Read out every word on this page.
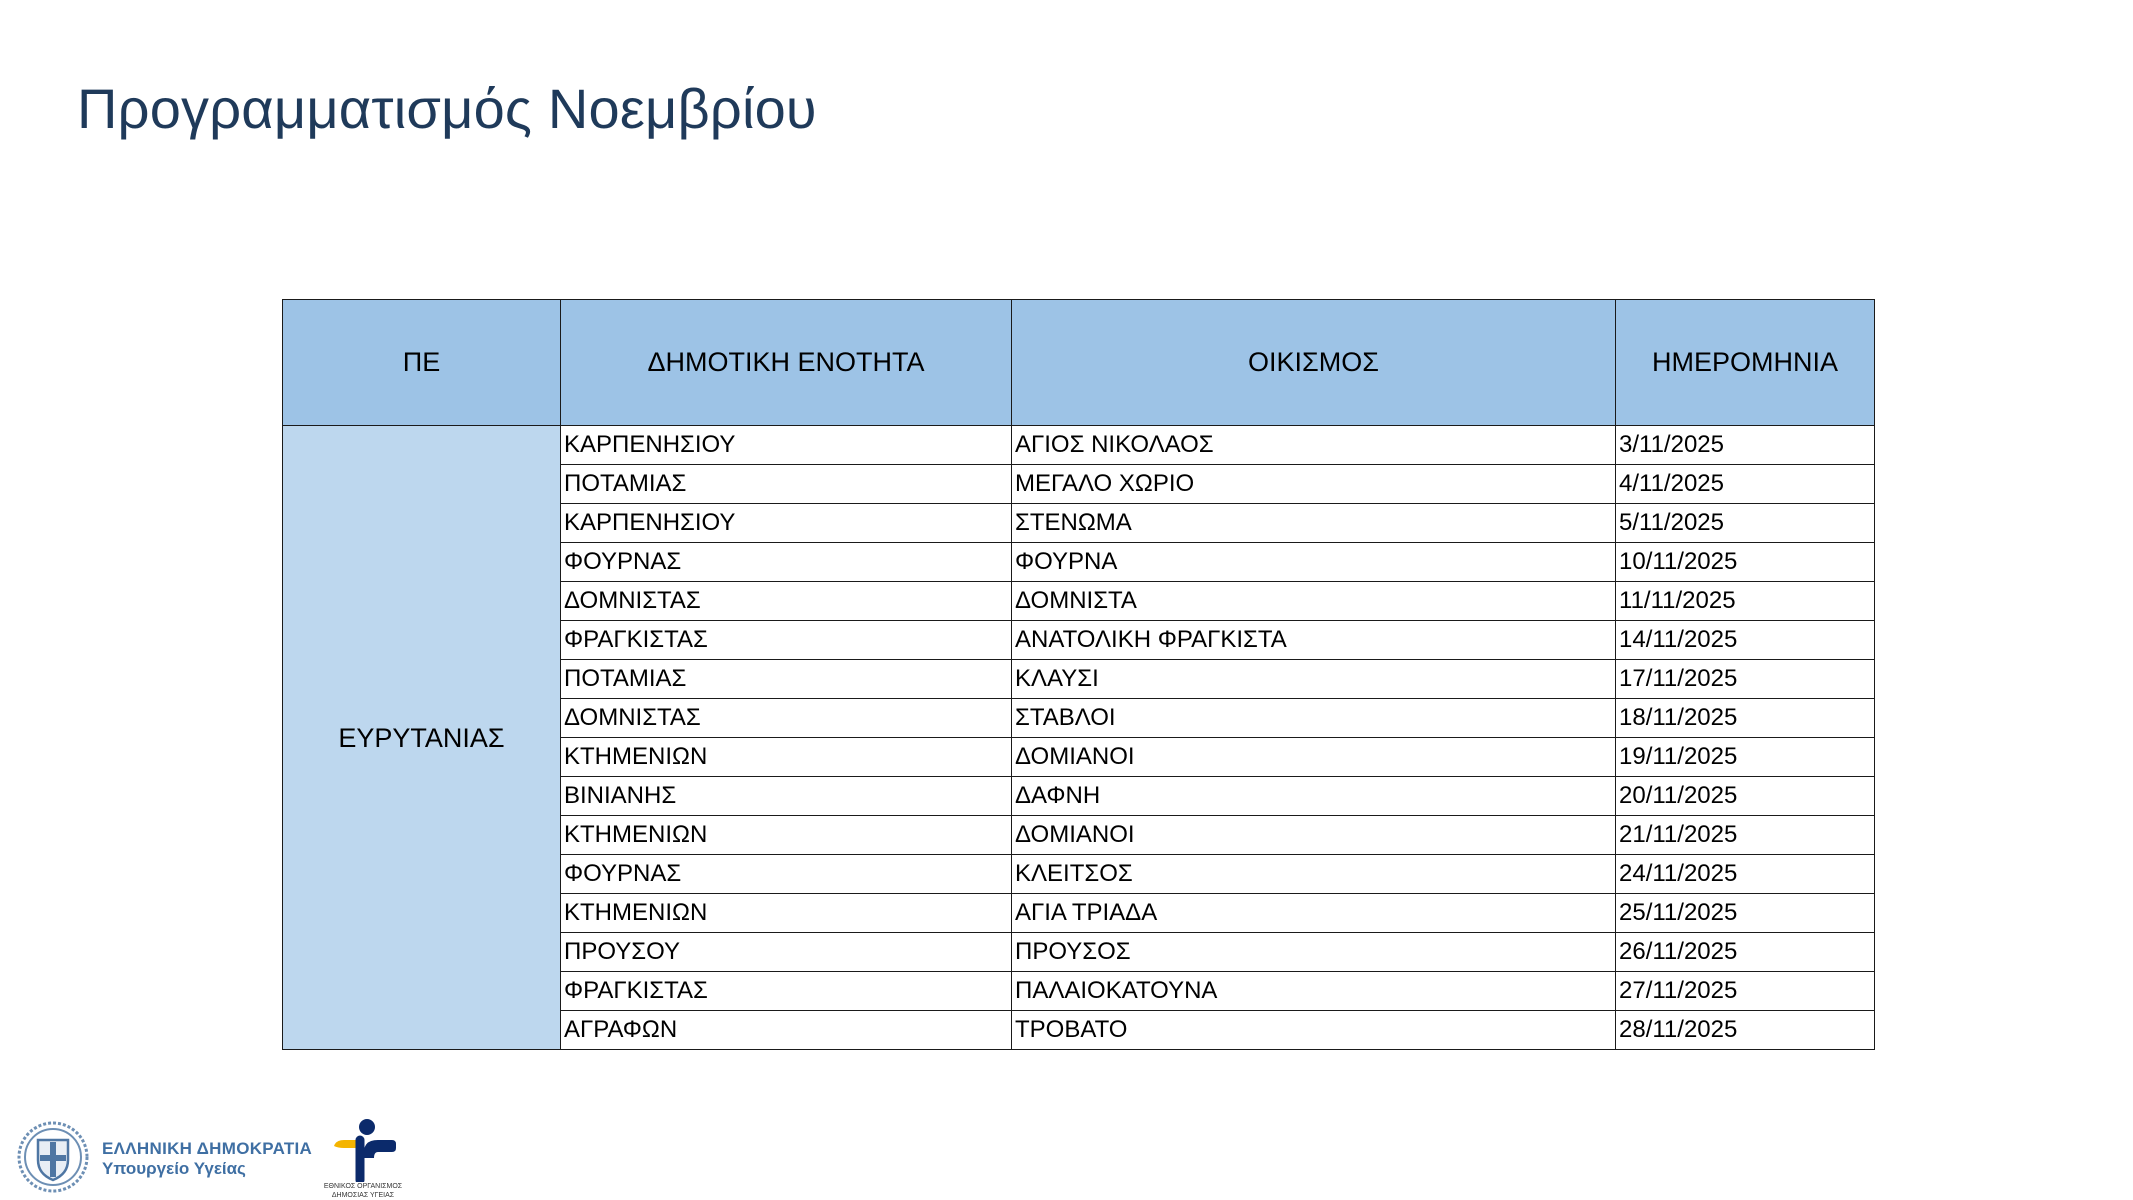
Προγραμματισμός Νοεμβρίου
ΠΕ	ΔΗΜΟΤΙΚΗ ΕΝΟΤΗΤΑ	ΟΙΚΙΣΜΟΣ	ΗΜΕΡΟΜΗΝΙΑ
ΕΥΡΥΤΑΝΙΑΣ	ΚΑΡΠΕΝΗΣΙΟΥ	ΑΓΙΟΣ ΝΙΚΟΛΑΟΣ	3/11/2025
	ΠΟΤΑΜΙΑΣ	ΜΕΓΑΛΟ ΧΩΡΙΟ	4/11/2025
	ΚΑΡΠΕΝΗΣΙΟΥ	ΣΤΕΝΩΜΑ	5/11/2025
	ΦΟΥΡΝΑΣ	ΦΟΥΡΝΑ	10/11/2025
	ΔΟΜΝΙΣΤΑΣ	ΔΟΜΝΙΣΤΑ	11/11/2025
	ΦΡΑΓΚΙΣΤΑΣ	ΑΝΑΤΟΛΙΚΗ ΦΡΑΓΚΙΣΤΑ	14/11/2025
	ΠΟΤΑΜΙΑΣ	ΚΛΑΥΣΙ	17/11/2025
	ΔΟΜΝΙΣΤΑΣ	ΣΤΑΒΛΟΙ	18/11/2025
	ΚΤΗΜΕΝΙΩΝ	ΔΟΜΙΑΝΟΙ	19/11/2025
	ΒΙΝΙΑΝΗΣ	ΔΑΦΝΗ	20/11/2025
	ΚΤΗΜΕΝΙΩΝ	ΔΟΜΙΑΝΟΙ	21/11/2025
	ΦΟΥΡΝΑΣ	ΚΛΕΙΤΣΟΣ	24/11/2025
	ΚΤΗΜΕΝΙΩΝ	ΑΓΙΑ ΤΡΙΑΔΑ	25/11/2025
	ΠΡΟΥΣΟΥ	ΠΡΟΥΣΟΣ	26/11/2025
	ΦΡΑΓΚΙΣΤΑΣ	ΠΑΛΑΙΟΚΑΤΟΥΝΑ	27/11/2025
	ΑΓΡΑΦΩΝ	ΤΡΟΒΑΤΟ	28/11/2025
ΕΛΛΗΝΙΚΗ ΔΗΜΟΚΡΑΤΙΑ
Υπουργείο Υγείας
ΕΘΝΙΚΟΣ ΟΡΓΑΝΙΣΜΟΣ ΔΗΜΟΣΙΑΣ ΥΓΕΙΑΣ
